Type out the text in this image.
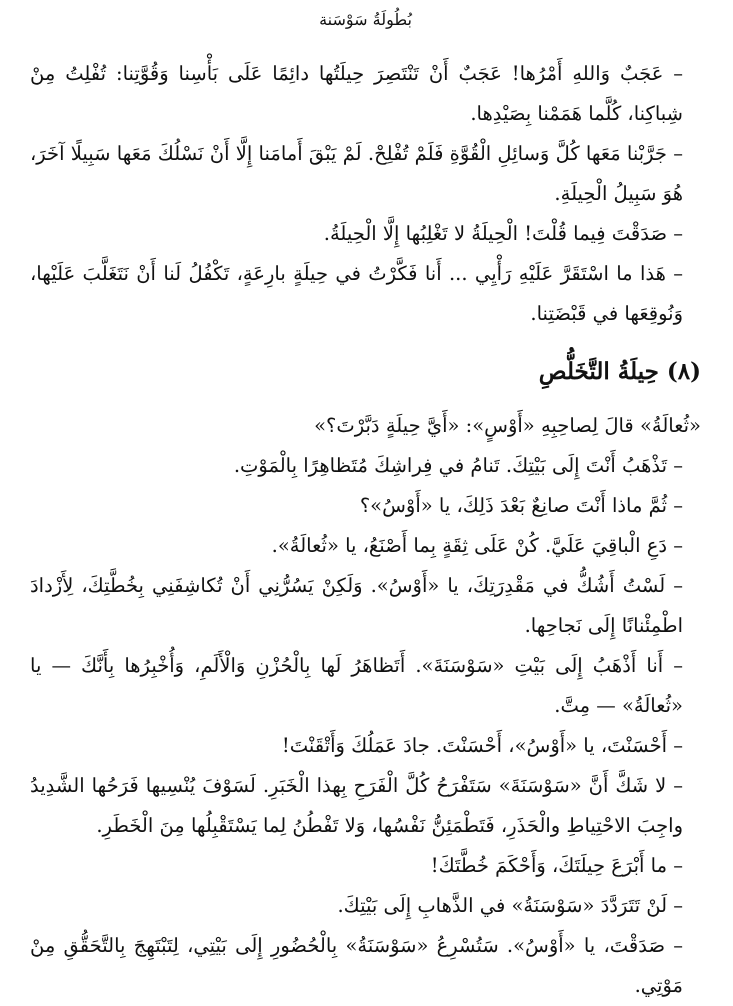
بُطُولَةُ سَوْسَنة

– عَجَبٌ وَاللهِ أَمْرُها! عَجَبٌ أَنْ تَنْتَصِرَ حِيلَتُها دائِمًا عَلَى بَأْسِنا وَقُوَّتِنا: تُفْلِتُ مِنْ شِباكِنا، كُلَّما هَمَمْنا بِصَيْدِها.

– جَرَّبْنا مَعَها كُلَّ وَسائِلِ الْقُوَّةِ فَلَمْ تُفْلِحْ. لَمْ يَبْقَ أَمامَنا إِلَّا أَنْ نَسْلُكَ مَعَها سَبِيلًا آخَرَ، هُوَ سَبِيلُ الْحِيلَةِ.

– صَدَقْتَ فِيما قُلْتَ! الْحِيلَةُ لا تَغْلِبُها إِلَّا الْحِيلَةُ.

– هَذا ما اسْتَقَرَّ عَلَيْهِ رَأْيِي ... أَنا فَكَّرْتُ في حِيلَةٍ بارِعَةٍ، تَكْفُلُ لَنا أَنْ نَتَغَلَّبَ عَلَيْها، وَنُوقِعَها في قَبْضَتِنا.

(٨) حِيلَةُ التَّخَلُّصِ

«ثُعالَةُ» قالَ لِصاحِبِهِ «أَوْسٍ»: «أَيَّ حِيلَةٍ دَبَّرْتَ؟»

– تَذْهَبُ أَنْتَ إِلَى بَيْتِكَ. تَنامُ في فِراشِكَ مُتَظاهِرًا بِالْمَوْتِ.

– ثُمَّ ماذا أَنْتَ صانِعٌ بَعْدَ ذَلِكَ، يا «أَوْسُ»؟

– دَعِ الْباقِيَ عَلَيَّ. كُنْ عَلَى ثِقَةٍ بِما أَصْنَعُ، يا «ثُعالَةُ».

– لَسْتُ أَشُكُّ في مَقْدِرَتِكَ، يا «أَوْسُ». وَلَكِنْ يَسُرُّنِي أَنْ تُكاشِفَنِي بِخُطَّتِكَ، لِأَزْدادَ اطْمِئْنانًا إِلَى نَجاحِها.

– أَنا أَذْهَبُ إِلَى بَيْتِ «سَوْسَنَةَ». أَتَظاهَرُ لَها بِالْحُزْنِ وَالْأَلَمِ، وَأُخْبِرُها بِأَنَّكَ — يا «ثُعالَةُ» — مِتَّ.

– أَحْسَنْتَ، يا «أَوْسُ»، أَحْسَنْتَ. جادَ عَمَلُكَ وَأَتْقَنْتَ!

– لا شَكَّ أَنَّ «سَوْسَنَةَ» سَتَفْرَحُ كُلَّ الْفَرَحِ بِهذا الْخَبَرِ. لَسَوْفَ يُنْسِيها فَرَحُها الشَّدِيدُ واجِبَ الاحْتِياطِ والْحَذَرِ، فَتَطْمَئِنُّ نَفْسُها، وَلا تَفْطُنُ لِما يَسْتَقْبِلُها مِنَ الْخَطَرِ.

– ما أَبْرَعَ حِيلَتَكَ، وَأَحْكَمَ خُطَّتَكَ!

– لَنْ تَتَرَدَّدَ «سَوْسَنَةُ» في الذَّهابِ إِلَى بَيْتِكَ.

– صَدَقْتَ، يا «أَوْسُ». سَتُسْرِعُ «سَوْسَنَةُ» بِالْحُضُورِ إِلَى بَيْتِي، لِتَبْتَهِجَ بِالتَّحَقُّقِ مِنْ مَوْتِي.
